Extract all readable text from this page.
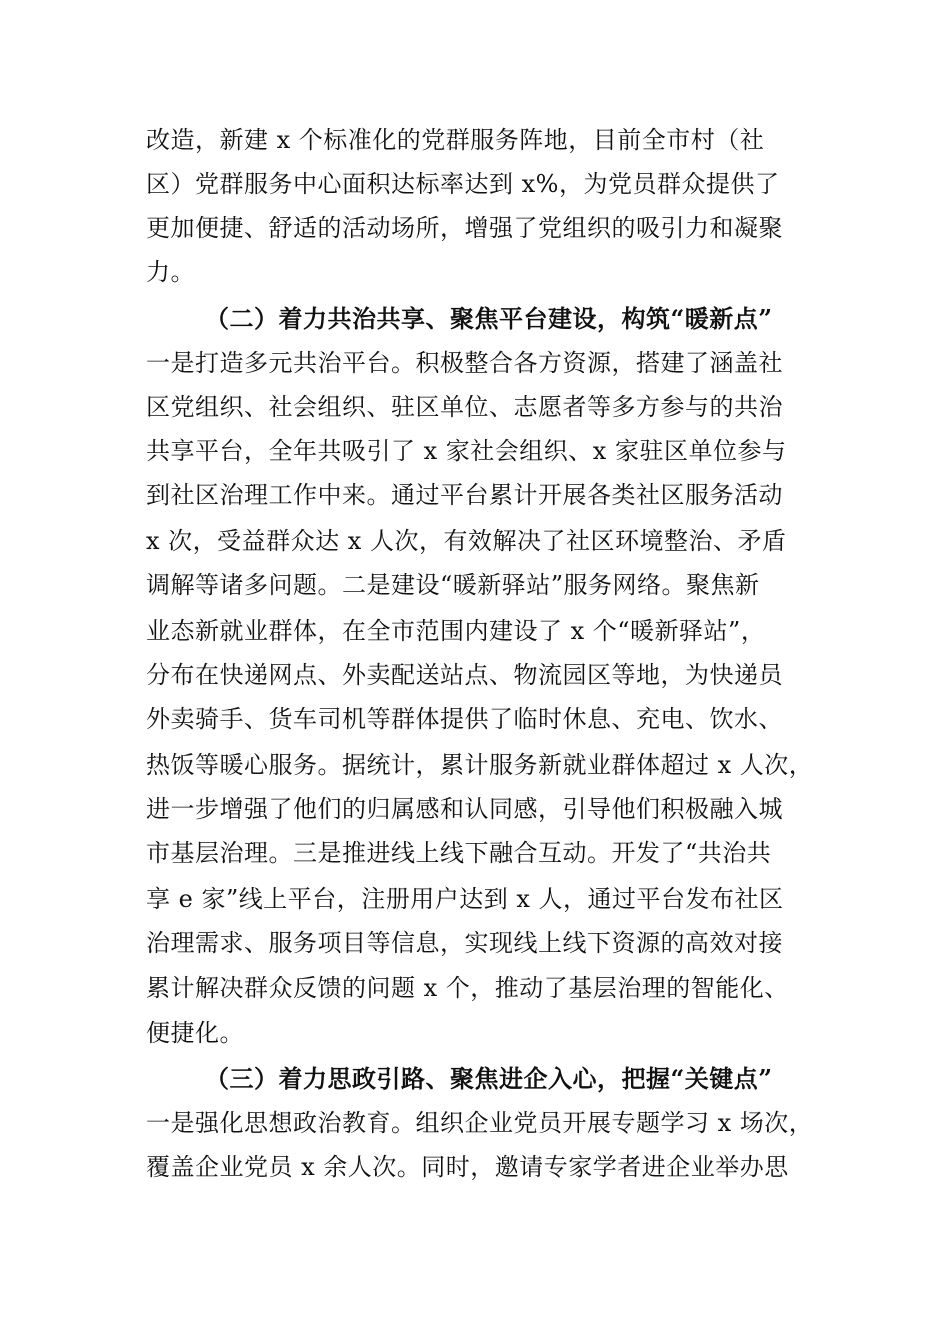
改造，新建 x 个标准化的党群服务阵地，目前全市村（社
区）党群服务中心面积达标率达到 x%，为党员群众提供了
更加便捷、舒适的活动场所，增强了党组织的吸引力和凝聚
力。
（二）着力共治共享、聚焦平台建设，构筑“暖新点”
一是打造多元共治平台。积极整合各方资源，搭建了涵盖社
区党组织、社会组织、驻区单位、志愿者等多方参与的共治
共享平台，全年共吸引了 x 家社会组织、x 家驻区单位参与
到社区治理工作中来。通过平台累计开展各类社区服务活动
x 次，受益群众达 x 人次，有效解决了社区环境整治、矛盾
调解等诸多问题。二是建设“暖新驿站”服务网络。聚焦新
业态新就业群体，在全市范围内建设了 x 个“暖新驿站”，
分布在快递网点、外卖配送站点、物流园区等地，为快递员
外卖骑手、货车司机等群体提供了临时休息、充电、饮水、
热饭等暖心服务。据统计，累计服务新就业群体超过 x 人次，
进一步增强了他们的归属感和认同感，引导他们积极融入城
市基层治理。三是推进线上线下融合互动。开发了“共治共
享 e 家”线上平台，注册用户达到 x 人，通过平台发布社区
治理需求、服务项目等信息，实现线上线下资源的高效对接
累计解决群众反馈的问题 x 个，推动了基层治理的智能化、
便捷化。
（三）着力思政引路、聚焦进企入心，把握“关键点”
一是强化思想政治教育。组织企业党员开展专题学习 x 场次，
覆盖企业党员 x 余人次。同时，邀请专家学者进企业举办思
